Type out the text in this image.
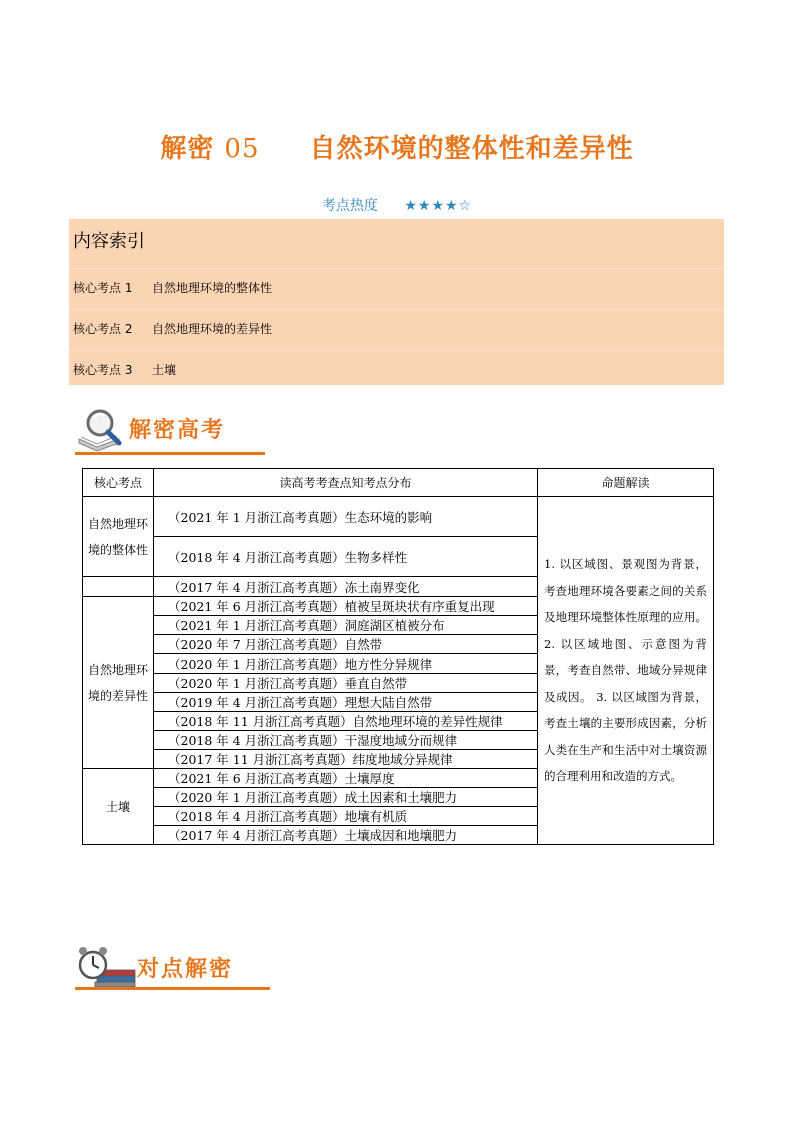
解密 05 自然环境的整体性和差异性
考点热度 ★★★★☆
内容索引
核心考点 1 自然地理环境的整体性
核心考点 2 自然地理环境的差异性
核心考点 3 土壤
解密高考
核心考点	读高考考查点知考点分布	命题解读
自然地理环境的整体性	（2021 年 1 月浙江高考真题）生态环境的影响	1. 以区域图、景观图为背景，考查地理环境各要素之间的关系及地理环境整体性原理的应用。 2. 以区域地图、示意图为背景，考查自然带、地域分异规律及成因。 3. 以区域图为背景，考查土壤的主要形成因素，分析人类在生产和生活中对土壤资源的合理利用和改造的方式。
	（2018 年 4 月浙江高考真题）生物多样性	
	（2017 年 4 月浙江高考真题）冻土南界变化	
自然地理环境的差异性	（2021 年 6 月浙江高考真题）植被呈斑块状有序重复出现	
	（2021 年 1 月浙江高考真题）洞庭湖区植被分布	
	（2020 年 7 月浙江高考真题）自然带	
	（2020 年 1 月浙江高考真题）地方性分异规律	
	（2020 年 1 月浙江高考真题）垂直自然带	
	（2019 年 4 月浙江高考真题）理想大陆自然带	
	（2018 年 11 月浙江高考真题）自然地理环境的差异性规律	
	（2018 年 4 月浙江高考真题）干湿度地域分而规律	
	（2017 年 11 月浙江高考真题）纬度地域分异规律	
土壤	（2021 年 6 月浙江高考真题）土壤厚度	
	（2020 年 1 月浙江高考真题）成土因素和土壤肥力	
	（2018 年 4 月浙江高考真题）地壤有机质	
	（2017 年 4 月浙江高考真题）土壤成因和地壤肥力	
对点解密
